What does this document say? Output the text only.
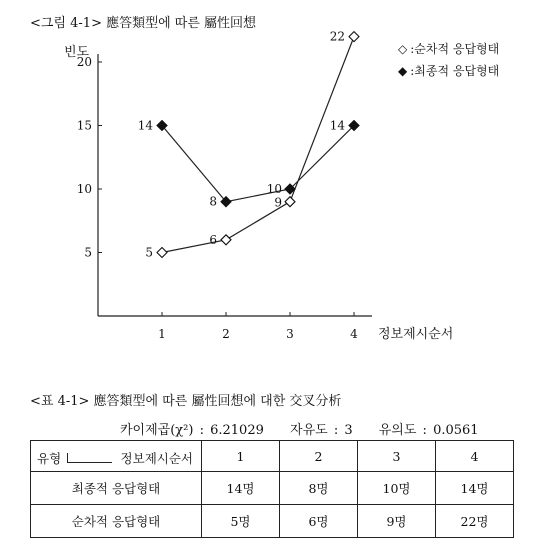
<그림 4-1> 應答類型에 따른 屬性回想
5
10
15
20
1	2	3	4
빈도
정보제시순서
5
6
9
22
14
8
10
14
◇ :순차적 응답형태
◆ :최종적 응답형태
<표 4-1> 應答類型에 따른 屬性回想에 대한 交叉分析
카이제곱(χ²) : 6.21029 자유도 : 3 유의도 : 0.0561
유형 정보제시순서	1	2	3	4
최종적 응답형태	14명	8명	10명	14명
순차적 응답형태	5명	6명	9명	22명
